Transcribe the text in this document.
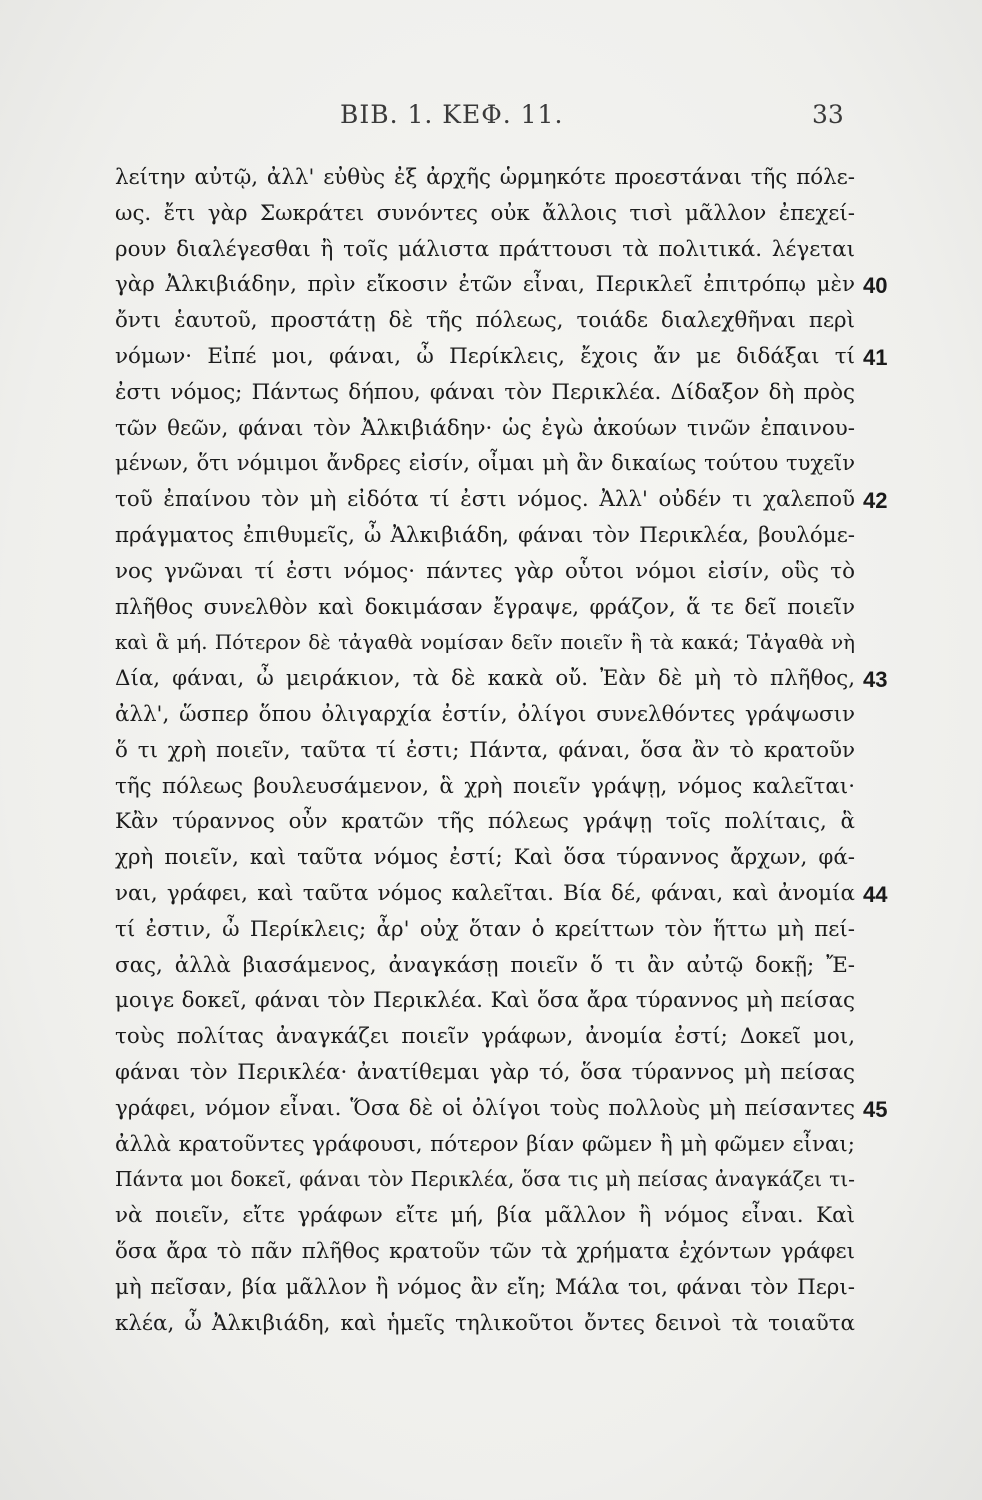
ΒΙΒ. 1. ΚΕΦ. 11.	33
λείτην αὐτῷ, ἀλλ' εὐθὺς ἐξ ἀρχῆς ὡρμηκότε προεστάναι τῆς πόλε-
ως. ἔτι γὰρ Σωκράτει συνόντες οὐκ ἄλλοις τισὶ μᾶλλον ἐπεχεί-
ρουν διαλέγεσθαι ἢ τοῖς μάλιστα πράττουσι τὰ πολιτικά. λέγεται
γὰρ Ἀλκιβιάδην, πρὶν εἴκοσιν ἐτῶν εἶναι, Περικλεῖ ἐπιτρόπῳ μὲν
ὄντι ἑαυτοῦ, προστάτῃ δὲ τῆς πόλεως, τοιάδε διαλεχθῆναι περὶ
νόμων· Εἰπέ μοι, φάναι, ὦ Περίκλεις, ἔχοις ἄν με διδάξαι τί
ἐστι νόμος; Πάντως δήπου, φάναι τὸν Περικλέα. Δίδαξον δὴ πρὸς
τῶν θεῶν, φάναι τὸν Ἀλκιβιάδην· ὡς ἐγὼ ἀκούων τινῶν ἐπαινου-
μένων, ὅτι νόμιμοι ἄνδρες εἰσίν, οἶμαι μὴ ἂν δικαίως τούτου τυχεῖν
τοῦ ἐπαίνου τὸν μὴ εἰδότα τί ἐστι νόμος. Ἀλλ' οὐδέν τι χαλεποῦ
πράγματος ἐπιθυμεῖς, ὦ Ἀλκιβιάδη, φάναι τὸν Περικλέα, βουλόμε-
νος γνῶναι τί ἐστι νόμος· πάντες γὰρ οὗτοι νόμοι εἰσίν, οὓς τὸ
πλῆθος συνελθὸν καὶ δοκιμάσαν ἔγραψε, φράζον, ἅ τε δεῖ ποιεῖν
καὶ ἃ μή. Πότερον δὲ τἀγαθὰ νομίσαν δεῖν ποιεῖν ἢ τὰ κακά; Τἀγαθὰ νὴ
Δία, φάναι, ὦ μειράκιον, τὰ δὲ κακὰ οὔ. Ἐὰν δὲ μὴ τὸ πλῆθος,
ἀλλ', ὥσπερ ὅπου ὀλιγαρχία ἐστίν, ὀλίγοι συνελθόντες γράψωσιν
ὅ τι χρὴ ποιεῖν, ταῦτα τί ἐστι; Πάντα, φάναι, ὅσα ἂν τὸ κρατοῦν
τῆς πόλεως βουλευσάμενον, ἃ χρὴ ποιεῖν γράψῃ, νόμος καλεῖται·
Κἂν τύραννος οὖν κρατῶν τῆς πόλεως γράψῃ τοῖς πολίταις, ἃ
χρὴ ποιεῖν, καὶ ταῦτα νόμος ἐστί; Καὶ ὅσα τύραννος ἄρχων, φά-
ναι, γράφει, καὶ ταῦτα νόμος καλεῖται. Βία δέ, φάναι, καὶ ἀνομία
τί ἐστιν, ὦ Περίκλεις; ἆρ' οὐχ ὅταν ὁ κρείττων τὸν ἥττω μὴ πεί-
σας, ἀλλὰ βιασάμενος, ἀναγκάσῃ ποιεῖν ὅ τι ἂν αὐτῷ δοκῇ; Ἔ-
μοιγε δοκεῖ, φάναι τὸν Περικλέα. Καὶ ὅσα ἄρα τύραννος μὴ πείσας
τοὺς πολίτας ἀναγκάζει ποιεῖν γράφων, ἀνομία ἐστί; Δοκεῖ μοι,
φάναι τὸν Περικλέα· ἀνατίθεμαι γὰρ τό, ὅσα τύραννος μὴ πείσας
γράφει, νόμον εἶναι. Ὅσα δὲ οἱ ὀλίγοι τοὺς πολλοὺς μὴ πείσαντες
ἀλλὰ κρατοῦντες γράφουσι, πότερον βίαν φῶμεν ἢ μὴ φῶμεν εἶναι;
Πάντα μοι δοκεῖ, φάναι τὸν Περικλέα, ὅσα τις μὴ πείσας ἀναγκάζει τι-
νὰ ποιεῖν, εἴτε γράφων εἴτε μή, βία μᾶλλον ἢ νόμος εἶναι. Καὶ
ὅσα ἄρα τὸ πᾶν πλῆθος κρατοῦν τῶν τὰ χρήματα ἐχόντων γράφει
μὴ πεῖσαν, βία μᾶλλον ἢ νόμος ἂν εἴη; Μάλα τοι, φάναι τὸν Περι-
κλέα, ὦ Ἀλκιβιάδη, καὶ ἡμεῖς τηλικοῦτοι ὄντες δεινοὶ τὰ τοιαῦτα
40
41
42
43
44
45
